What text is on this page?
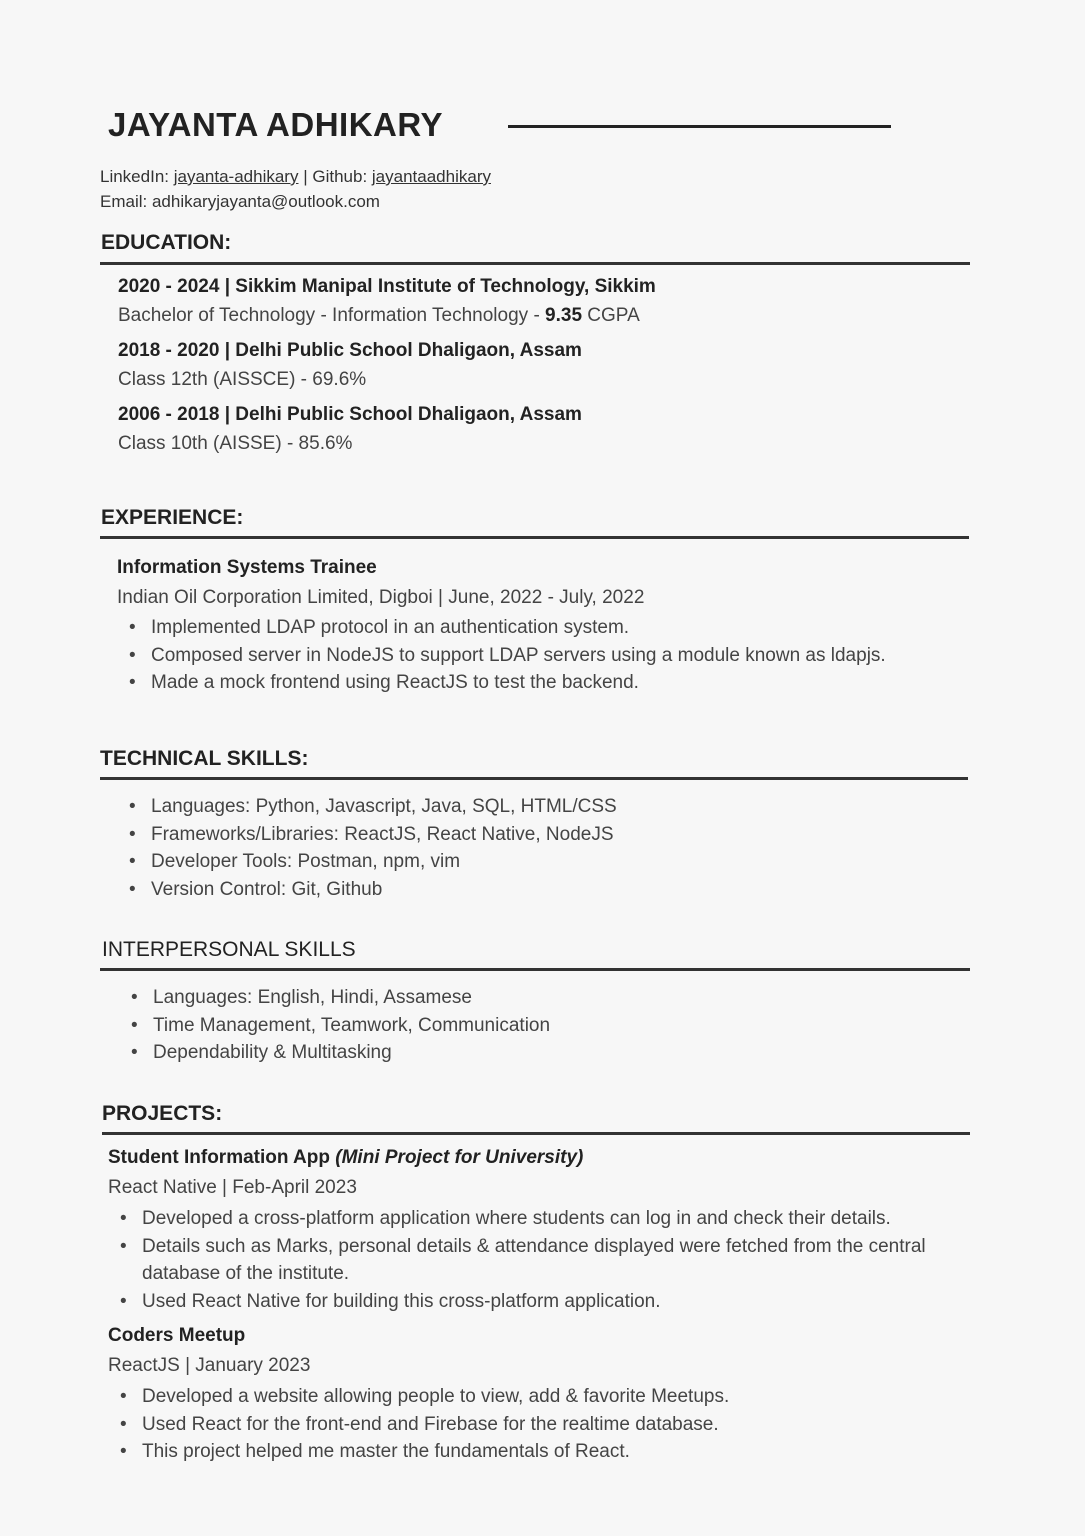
JAYANTA ADHIKARY
LinkedIn: jayanta-adhikary | Github: jayantaadhikary
Email: adhikaryjayanta@outlook.com
EDUCATION:
2020 - 2024 | Sikkim Manipal Institute of Technology, Sikkim
Bachelor of Technology - Information Technology - 9.35 CGPA
2018 - 2020 | Delhi Public School Dhaligaon, Assam
Class 12th (AISSCE) - 69.6%
2006 - 2018 | Delhi Public School Dhaligaon, Assam
Class 10th (AISSE) - 85.6%
EXPERIENCE:
Information Systems Trainee
Indian Oil Corporation Limited, Digboi | June, 2022 - July, 2022
• Implemented LDAP protocol in an authentication system.
• Composed server in NodeJS to support LDAP servers using a module known as ldapjs.
• Made a mock frontend using ReactJS to test the backend.
TECHNICAL SKILLS:
• Languages: Python, Javascript, Java, SQL, HTML/CSS
• Frameworks/Libraries: ReactJS, React Native, NodeJS
• Developer Tools: Postman, npm, vim
• Version Control: Git, Github
INTERPERSONAL SKILLS
• Languages: English, Hindi, Assamese
• Time Management, Teamwork, Communication
• Dependability & Multitasking
PROJECTS:
Student Information App (Mini Project for University)
React Native | Feb-April 2023
• Developed a cross-platform application where students can log in and check their details.
• Details such as Marks, personal details & attendance displayed were fetched from the central database of the institute.
• Used React Native for building this cross-platform application.
Coders Meetup
ReactJS | January 2023
• Developed a website allowing people to view, add & favorite Meetups.
• Used React for the front-end and Firebase for the realtime database.
• This project helped me master the fundamentals of React.
